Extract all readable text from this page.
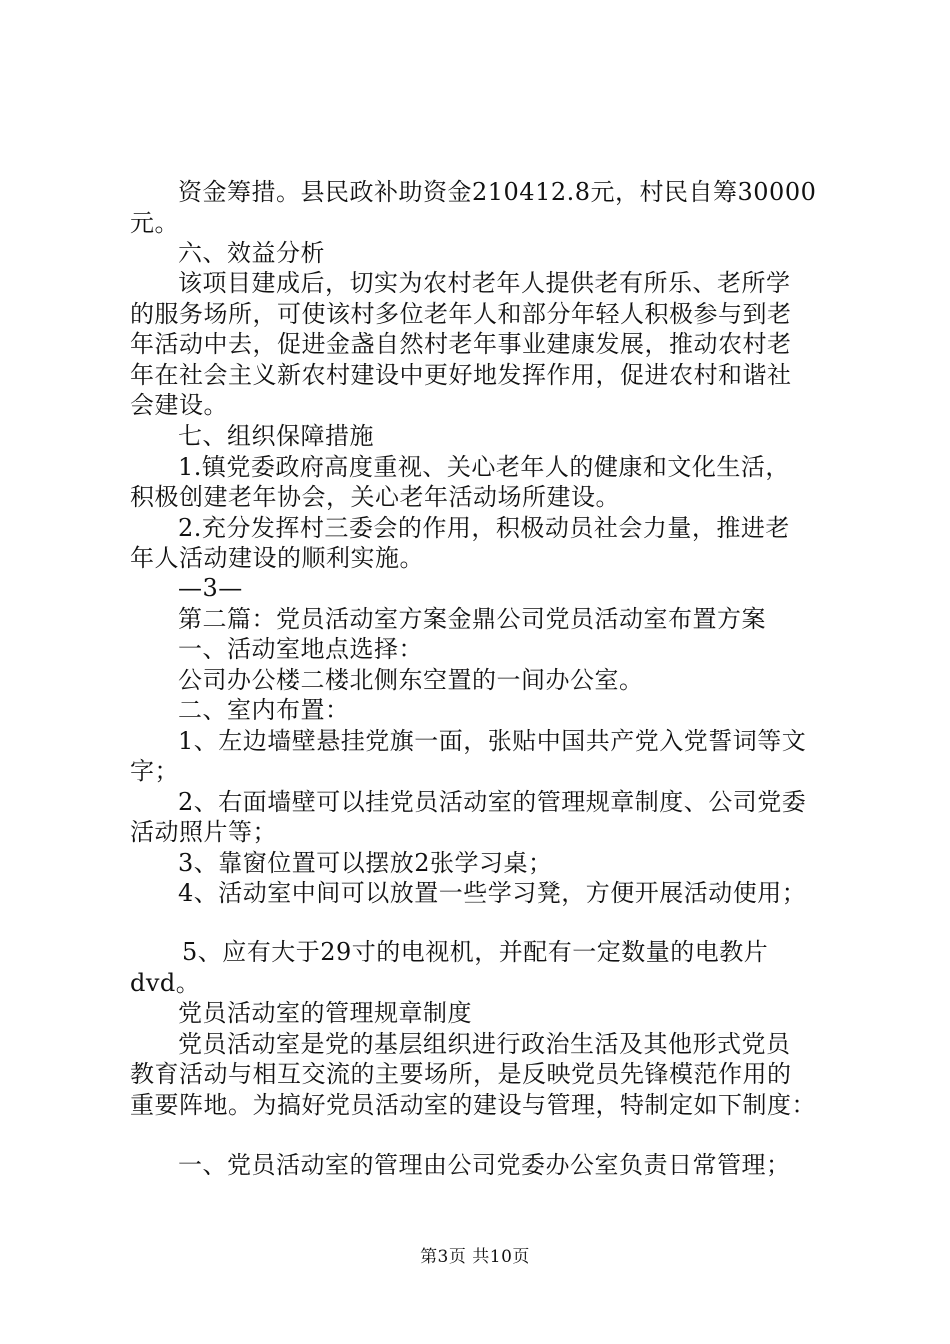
资金筹措。县民政补助资金210412.8元，村民自筹30000
元。
六、效益分析
该项目建成后，切实为农村老年人提供老有所乐、老所学
的服务场所，可使该村多位老年人和部分年轻人积极参与到老
年活动中去，促进金盏自然村老年事业建康发展，推动农村老
年在社会主义新农村建设中更好地发挥作用，促进农村和谐社
会建设。
七、组织保障措施
1.镇党委政府高度重视、关心老年人的健康和文化生活，
积极创建老年协会，关心老年活动场所建设。
2.充分发挥村三委会的作用，积极动员社会力量，推进老
年人活动建设的顺利实施。
—3—
第二篇：党员活动室方案金鼎公司党员活动室布置方案
一、活动室地点选择：
公司办公楼二楼北侧东空置的一间办公室。
二、室内布置：
1、左边墙壁悬挂党旗一面，张贴中国共产党入党誓词等文
字；
2、右面墙壁可以挂党员活动室的管理规章制度、公司党委
活动照片等；
3、靠窗位置可以摆放2张学习桌；
4、活动室中间可以放置一些学习凳，方便开展活动使用；
5、应有大于29寸的电视机，并配有一定数量的电教片
dvd。
党员活动室的管理规章制度
党员活动室是党的基层组织进行政治生活及其他形式党员
教育活动与相互交流的主要场所，是反映党员先锋模范作用的
重要阵地。为搞好党员活动室的建设与管理，特制定如下制度：
一、党员活动室的管理由公司党委办公室负责日常管理；
第3页 共10页
